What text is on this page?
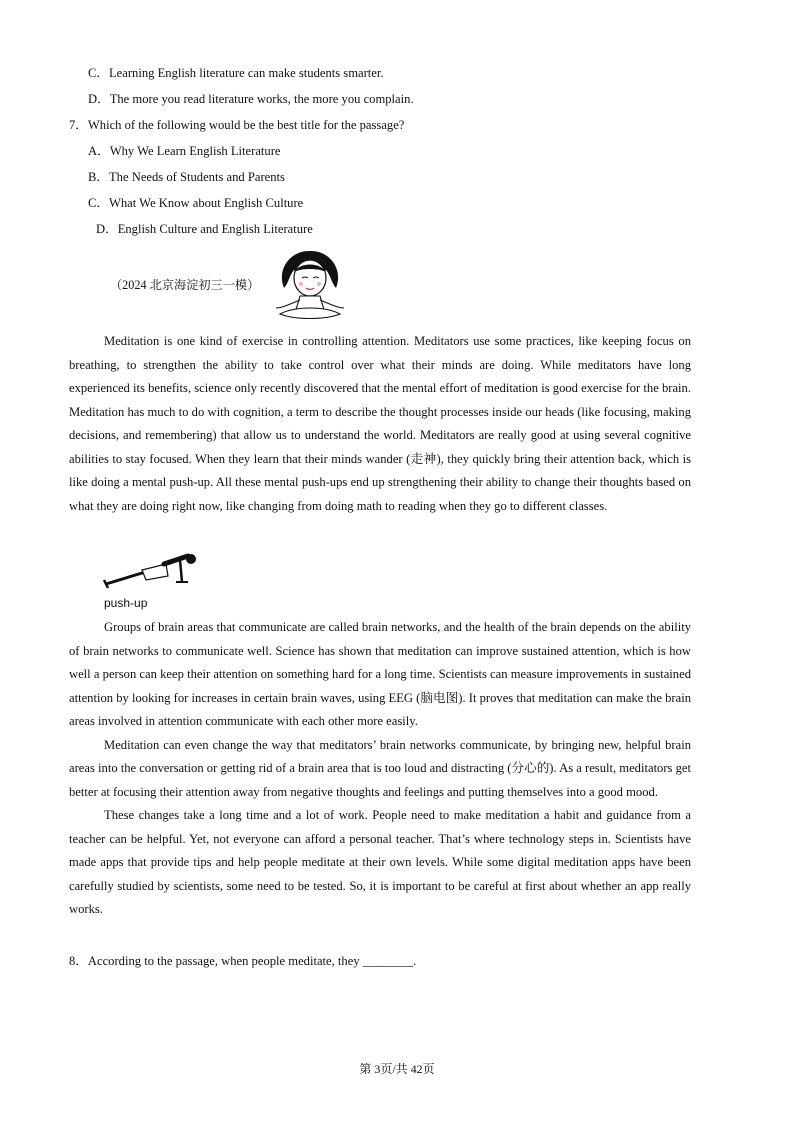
C．Learning English literature can make students smarter.
D．The more you read literature works, the more you complain.
7．Which of the following would be the best title for the passage?
A．Why We Learn English Literature
B．The Needs of Students and Parents
C．What We Know about English Culture
D．English Culture and English Literature
（2024 北京海淀初三一模）

Meditation is one kind of exercise in controlling attention. Meditators use some practices, like keeping focus on breathing, to strengthen the ability to take control over what their minds are doing. While meditators have long experienced its benefits, science only recently discovered that the mental effort of meditation is good exercise for the brain. Meditation has much to do with cognition, a term to describe the thought processes inside our heads (like focusing, making decisions, and remembering) that allow us to understand the world. Meditators are really good at using several cognitive abilities to stay focused. When they learn that their minds wander (走神), they quickly bring their attention back, which is like doing a mental push-up. All these mental push-ups end up strengthening their ability to change their thoughts based on what they are doing right now, like changing from doing math to reading when they go to different classes.

push-up

Groups of brain areas that communicate are called brain networks, and the health of the brain depends on the ability of brain networks to communicate well. Science has shown that meditation can improve sustained attention, which is how well a person can keep their attention on something hard for a long time. Scientists can measure improvements in sustained attention by looking for increases in certain brain waves, using EEG (脑电图). It proves that meditation can make the brain areas involved in attention communicate with each other more easily.

Meditation can even change the way that meditators’ brain networks communicate, by bringing new, helpful brain areas into the conversation or getting rid of a brain area that is too loud and distracting (分心的). As a result, meditators get better at focusing their attention away from negative thoughts and feelings and putting themselves into a good mood.

These changes take a long time and a lot of work. People need to make meditation a habit and guidance from a teacher can be helpful. Yet, not everyone can afford a personal teacher. That’s where technology steps in. Scientists have made apps that provide tips and help people meditate at their own levels. While some digital meditation apps have been carefully studied by scientists, some need to be tested. So, it is important to be careful at first about whether an app really works.

8．According to the passage, when people meditate, they ________.
第 3页/共 42页
